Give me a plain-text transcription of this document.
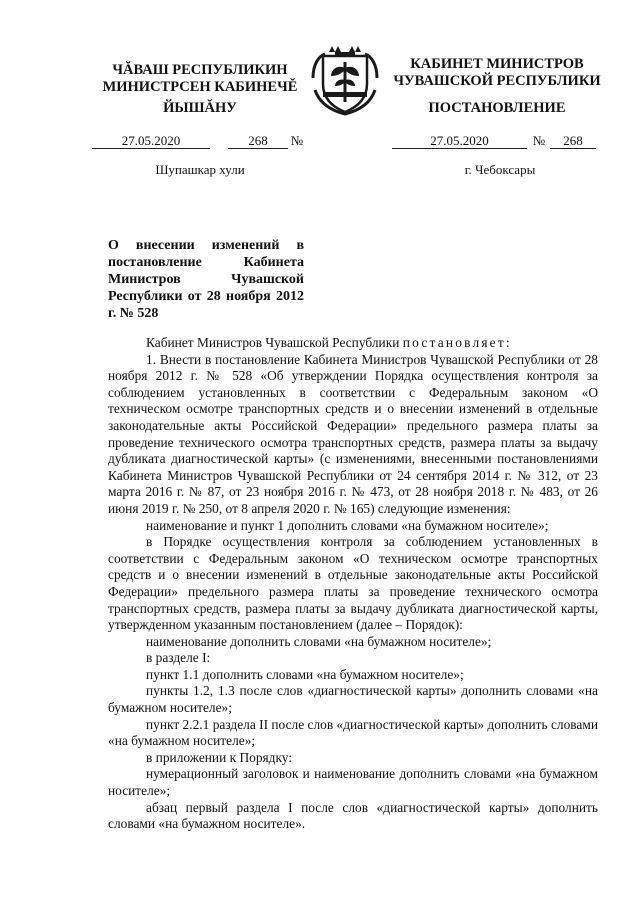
ЧĂВАШ РЕСПУБЛИКИН
МИНИСТРСЕН КАБИНЕЧĔ
ЙЫШĂНУ
27.05.2020	268	№
Шупашкар хули
КАБИНЕТ МИНИСТРОВ
ЧУВАШСКОЙ РЕСПУБЛИКИ
ПОСТАНОВЛЕНИЕ
27.05.2020	№	268
г. Чебоксары
О внесении изменений в постановление Кабинета Министров Чувашской Республики от 28 ноября 2012 г. № 528

Кабинет Министров Чувашской Республики постановляет:

1. Внести в постановление Кабинета Министров Чувашской Республики от 28 ноября 2012 г. № 528 «Об утверждении Порядка осуществления контроля за соблюдением установленных в соответствии с Федеральным законом «О техническом осмотре транспортных средств и о внесении изменений в отдельные законодательные акты Российской Федерации» предельного размера платы за проведение технического осмотра транспортных средств, размера платы за выдачу дубликата диагностической карты» (с изменениями, внесенными постановлениями Кабинета Министров Чувашской Республики от 24 сентября 2014 г. № 312, от 23 марта 2016 г. № 87, от 23 ноября 2016 г. № 473, от 28 ноября 2018 г. № 483, от 26 июня 2019 г. № 250, от 8 апреля 2020 г. № 165) следующие изменения:

наименование и пункт 1 дополнить словами «на бумажном носителе»;

в Порядке осуществления контроля за соблюдением установленных в соответствии с Федеральным законом «О техническом осмотре транспортных средств и о внесении изменений в отдельные законодательные акты Российской Федерации» предельного размера платы за проведение технического осмотра транспортных средств, размера платы за выдачу дубликата диагностической карты, утвержденном указанным постановлением (далее – Порядок):

наименование дополнить словами «на бумажном носителе»;

в разделе I:

пункт 1.1 дополнить словами «на бумажном носителе»;

пункты 1.2, 1.3 после слов «диагностической карты» дополнить словами «на бумажном носителе»;

пункт 2.2.1 раздела II после слов «диагностической карты» дополнить словами «на бумажном носителе»;

в приложении к Порядку:

нумерационный заголовок и наименование дополнить словами «на бумажном носителе»;

абзац первый раздела I после слов «диагностической карты» дополнить словами «на бумажном носителе».
